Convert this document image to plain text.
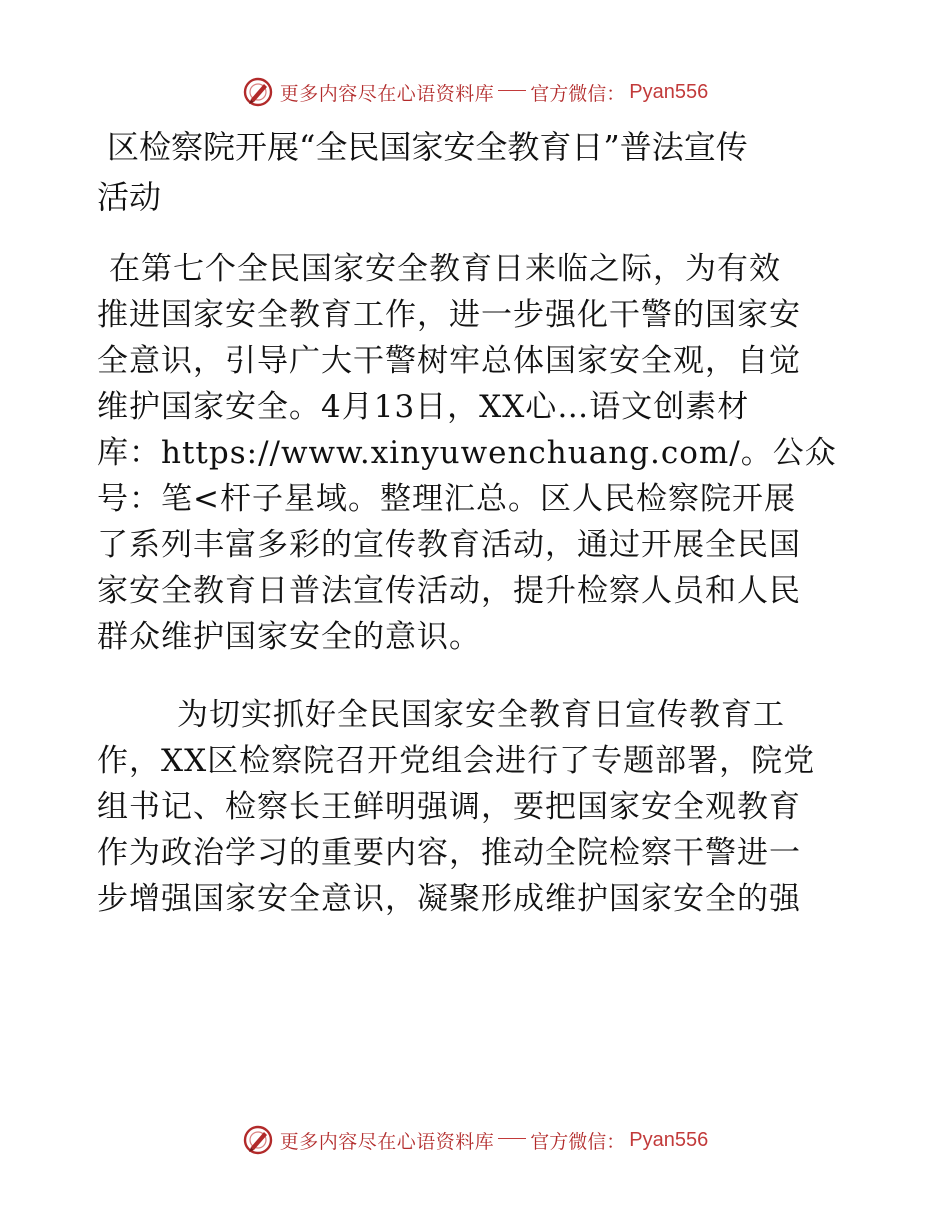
更多内容尽在心语资料库 官方微信： Pyan556
区检察院开展“全民国家安全教育日”普法宣传
活动
在第七个全民国家安全教育日来临之际，为有效
推进国家安全教育工作，进一步强化干警的国家安
全意识，引导广大干警树牢总体国家安全观，自觉
维护国家安全。4月13日，XX心…语文创素材
库：https://www.xinyuwenchuang.com/。公众
号：笔<杆子星域。整理汇总。区人民检察院开展
了系列丰富多彩的宣传教育活动，通过开展全民国
家安全教育日普法宣传活动，提升检察人员和人民
群众维护国家安全的意识。
为切实抓好全民国家安全教育日宣传教育工
作，XX区检察院召开党组会进行了专题部署，院党
组书记、检察长王鲜明强调，要把国家安全观教育
作为政治学习的重要内容，推动全院检察干警进一
步增强国家安全意识，凝聚形成维护国家安全的强
更多内容尽在心语资料库 官方微信： Pyan556
